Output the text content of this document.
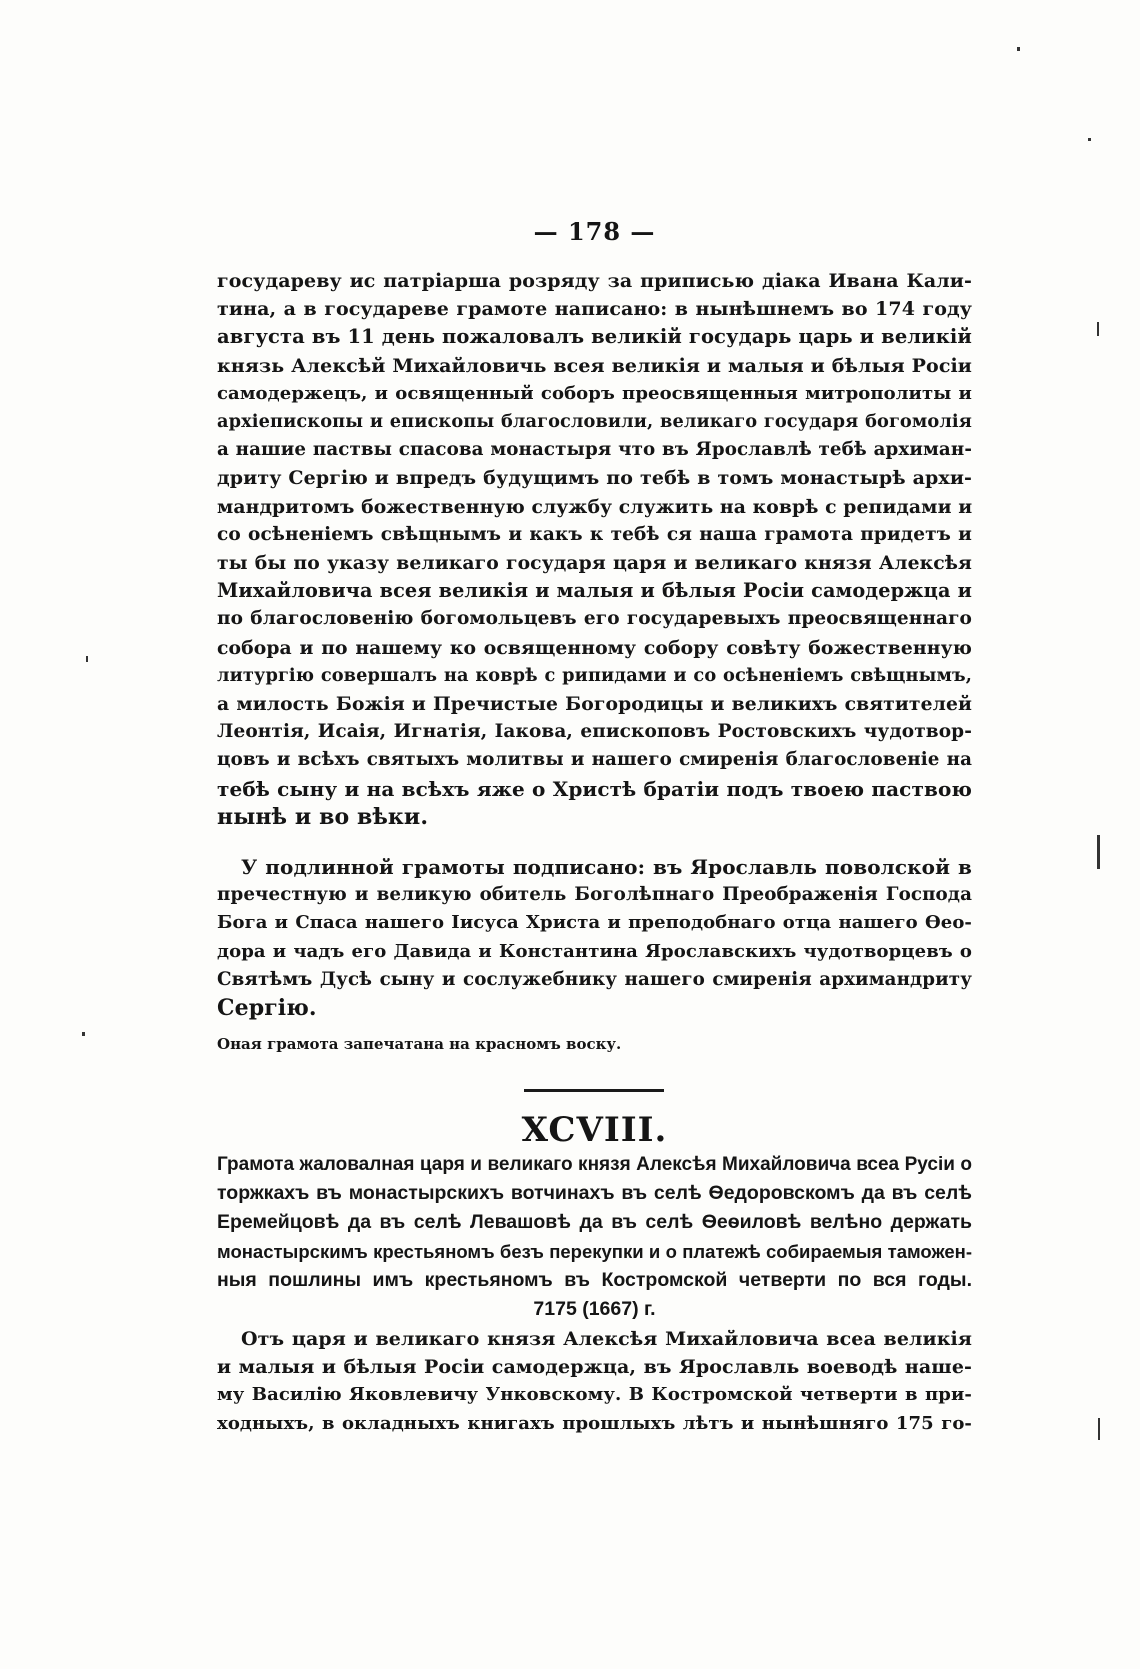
— 178 —
государеву ис патріарша розряду за приписью діака Ивана Кали-
тина, а в государеве грамоте написано: в нынѣшнемъ во 174 году
августа въ 11 день пожаловалъ великій государь царь и великій
князь Алексѣй Михайловичь всея великія и малыя и бѣлыя Росіи
самодержецъ, и освященный соборъ преосвященныя митрополиты и
архіепископы и епископы благословили, великаго государя богомолія
а нашие паствы спасова монастыря что въ Ярославлѣ тебѣ архиман-
дриту Сергію и впредъ будущимъ по тебѣ в томъ монастырѣ архи-
мандритомъ божественную службу служить на коврѣ с репидами и
со осѣненіемъ свѣщнымъ и какъ к тебѣ ся наша грамота придетъ и
ты бы по указу великаго государя царя и великаго князя Алексѣя
Михайловича всея великія и малыя и бѣлыя Росіи самодержца и
по благословенію богомольцевъ его государевыхъ преосвященнаго
собора и по нашему ко освященному собору совѣту божественную
литургію совершалъ на коврѣ с рипидами и со осѣненіемъ свѣщнымъ,
а милость Божія и Пречистые Богородицы и великихъ святителей
Леонтія, Исаія, Игнатія, Іакова, епископовъ Ростовскихъ чудотвор-
цовъ и всѣхъ святыхъ молитвы и нашего смиренія благословеніе на
тебѣ сыну и на всѣхъ яже о Христѣ братіи подъ твоею паствою
нынѣ и во вѣки.
У подлинной грамоты подписано: въ Ярославль поволской в
пречестную и великую обитель Боголѣпнаго Преображенія Господа
Бога и Спаса нашего Іисуса Христа и преподобнаго отца нашего Ѳео-
дора и чадъ его Давида и Константина Ярославскихъ чудотворцевъ о
Святѣмъ Дусѣ сыну и сослужебнику нашего смиренія архимандриту
Сергію.
Оная грамота запечатана на красномъ воску.
XCVIII.
Грамота жаловалная царя и великаго князя Алексѣя Михайловича всеа Русіи о
торжкахъ въ монастырскихъ вотчинахъ въ селѣ Ѳедоровскомъ да въ селѣ
Еремейцовѣ да въ селѣ Левашовѣ да въ селѣ Ѳеѳиловѣ велѣно держать
монастырскимъ крестьяномъ безъ перекупки и о платежѣ собираемыя таможен-
ныя пошлины имъ крестьяномъ въ Костромской четверти по вся годы.
7175 (1667) г.
Отъ царя и великаго князя Алексѣя Михайловича всеа великія
и малыя и бѣлыя Росіи самодержца, въ Ярославль воеводѣ наше-
му Василію Яковлевичу Унковскому. В Костромской четверти в при-
ходныхъ, в окладныхъ книгахъ прошлыхъ лѣтъ и нынѣшняго 175 го-
